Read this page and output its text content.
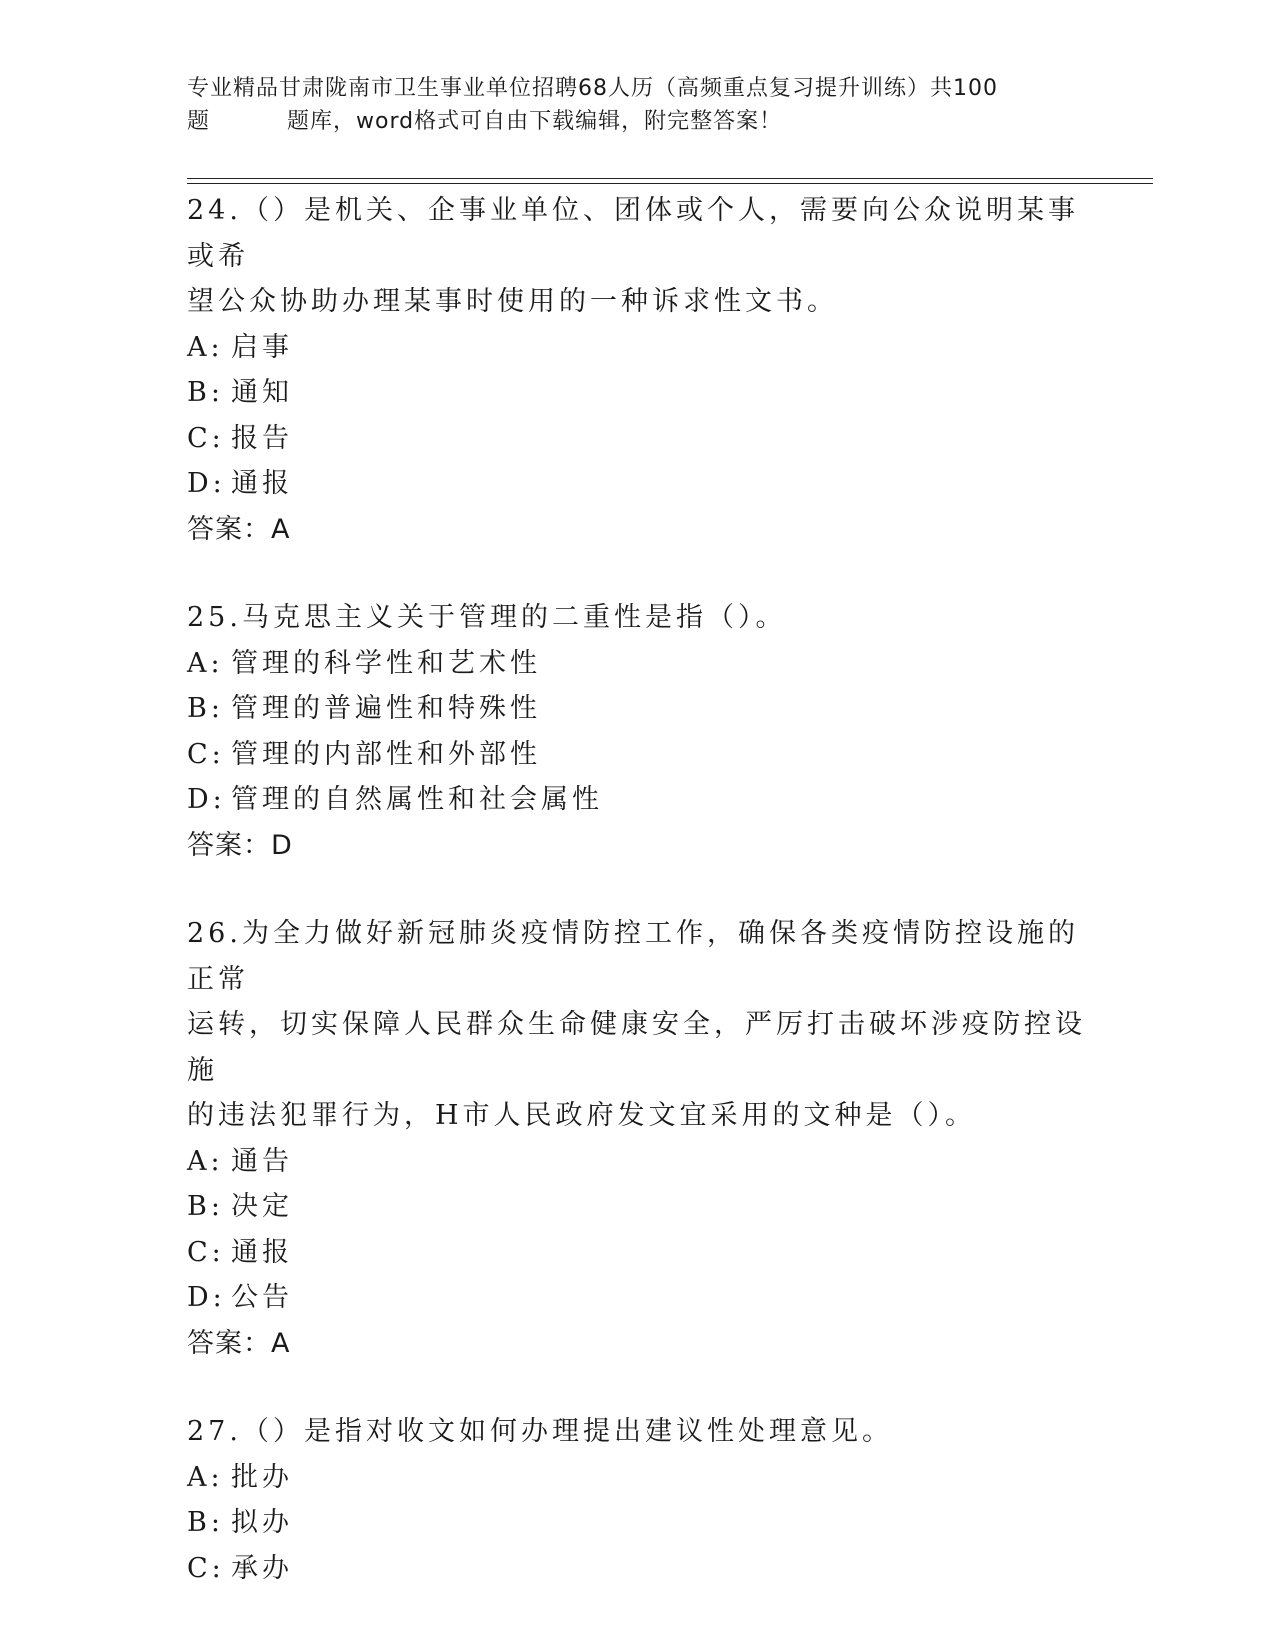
专业精品甘肃陇南市卫生事业单位招聘68人历（高频重点复习提升训练）共100
题	题库，word格式可自由下载编辑，附完整答案！
24.（）是机关、企事业单位、团体或个人，需要向公众说明某事或希
望公众协助办理某事时使用的一种诉求性文书。
A: 启事
B: 通知
C: 报告
D: 通报
答案：A
25.马克思主义关于管理的二重性是指（）。
A: 管理的科学性和艺术性
B: 管理的普遍性和特殊性
C: 管理的内部性和外部性
D: 管理的自然属性和社会属性
答案：D
26.为全力做好新冠肺炎疫情防控工作，确保各类疫情防控设施的正常
运转，切实保障人民群众生命健康安全，严厉打击破坏涉疫防控设施
的违法犯罪行为，H市人民政府发文宜采用的文种是（）。
A: 通告
B: 决定
C: 通报
D: 公告
答案：A
27.（）是指对收文如何办理提出建议性处理意见。
A: 批办
B: 拟办
C: 承办
